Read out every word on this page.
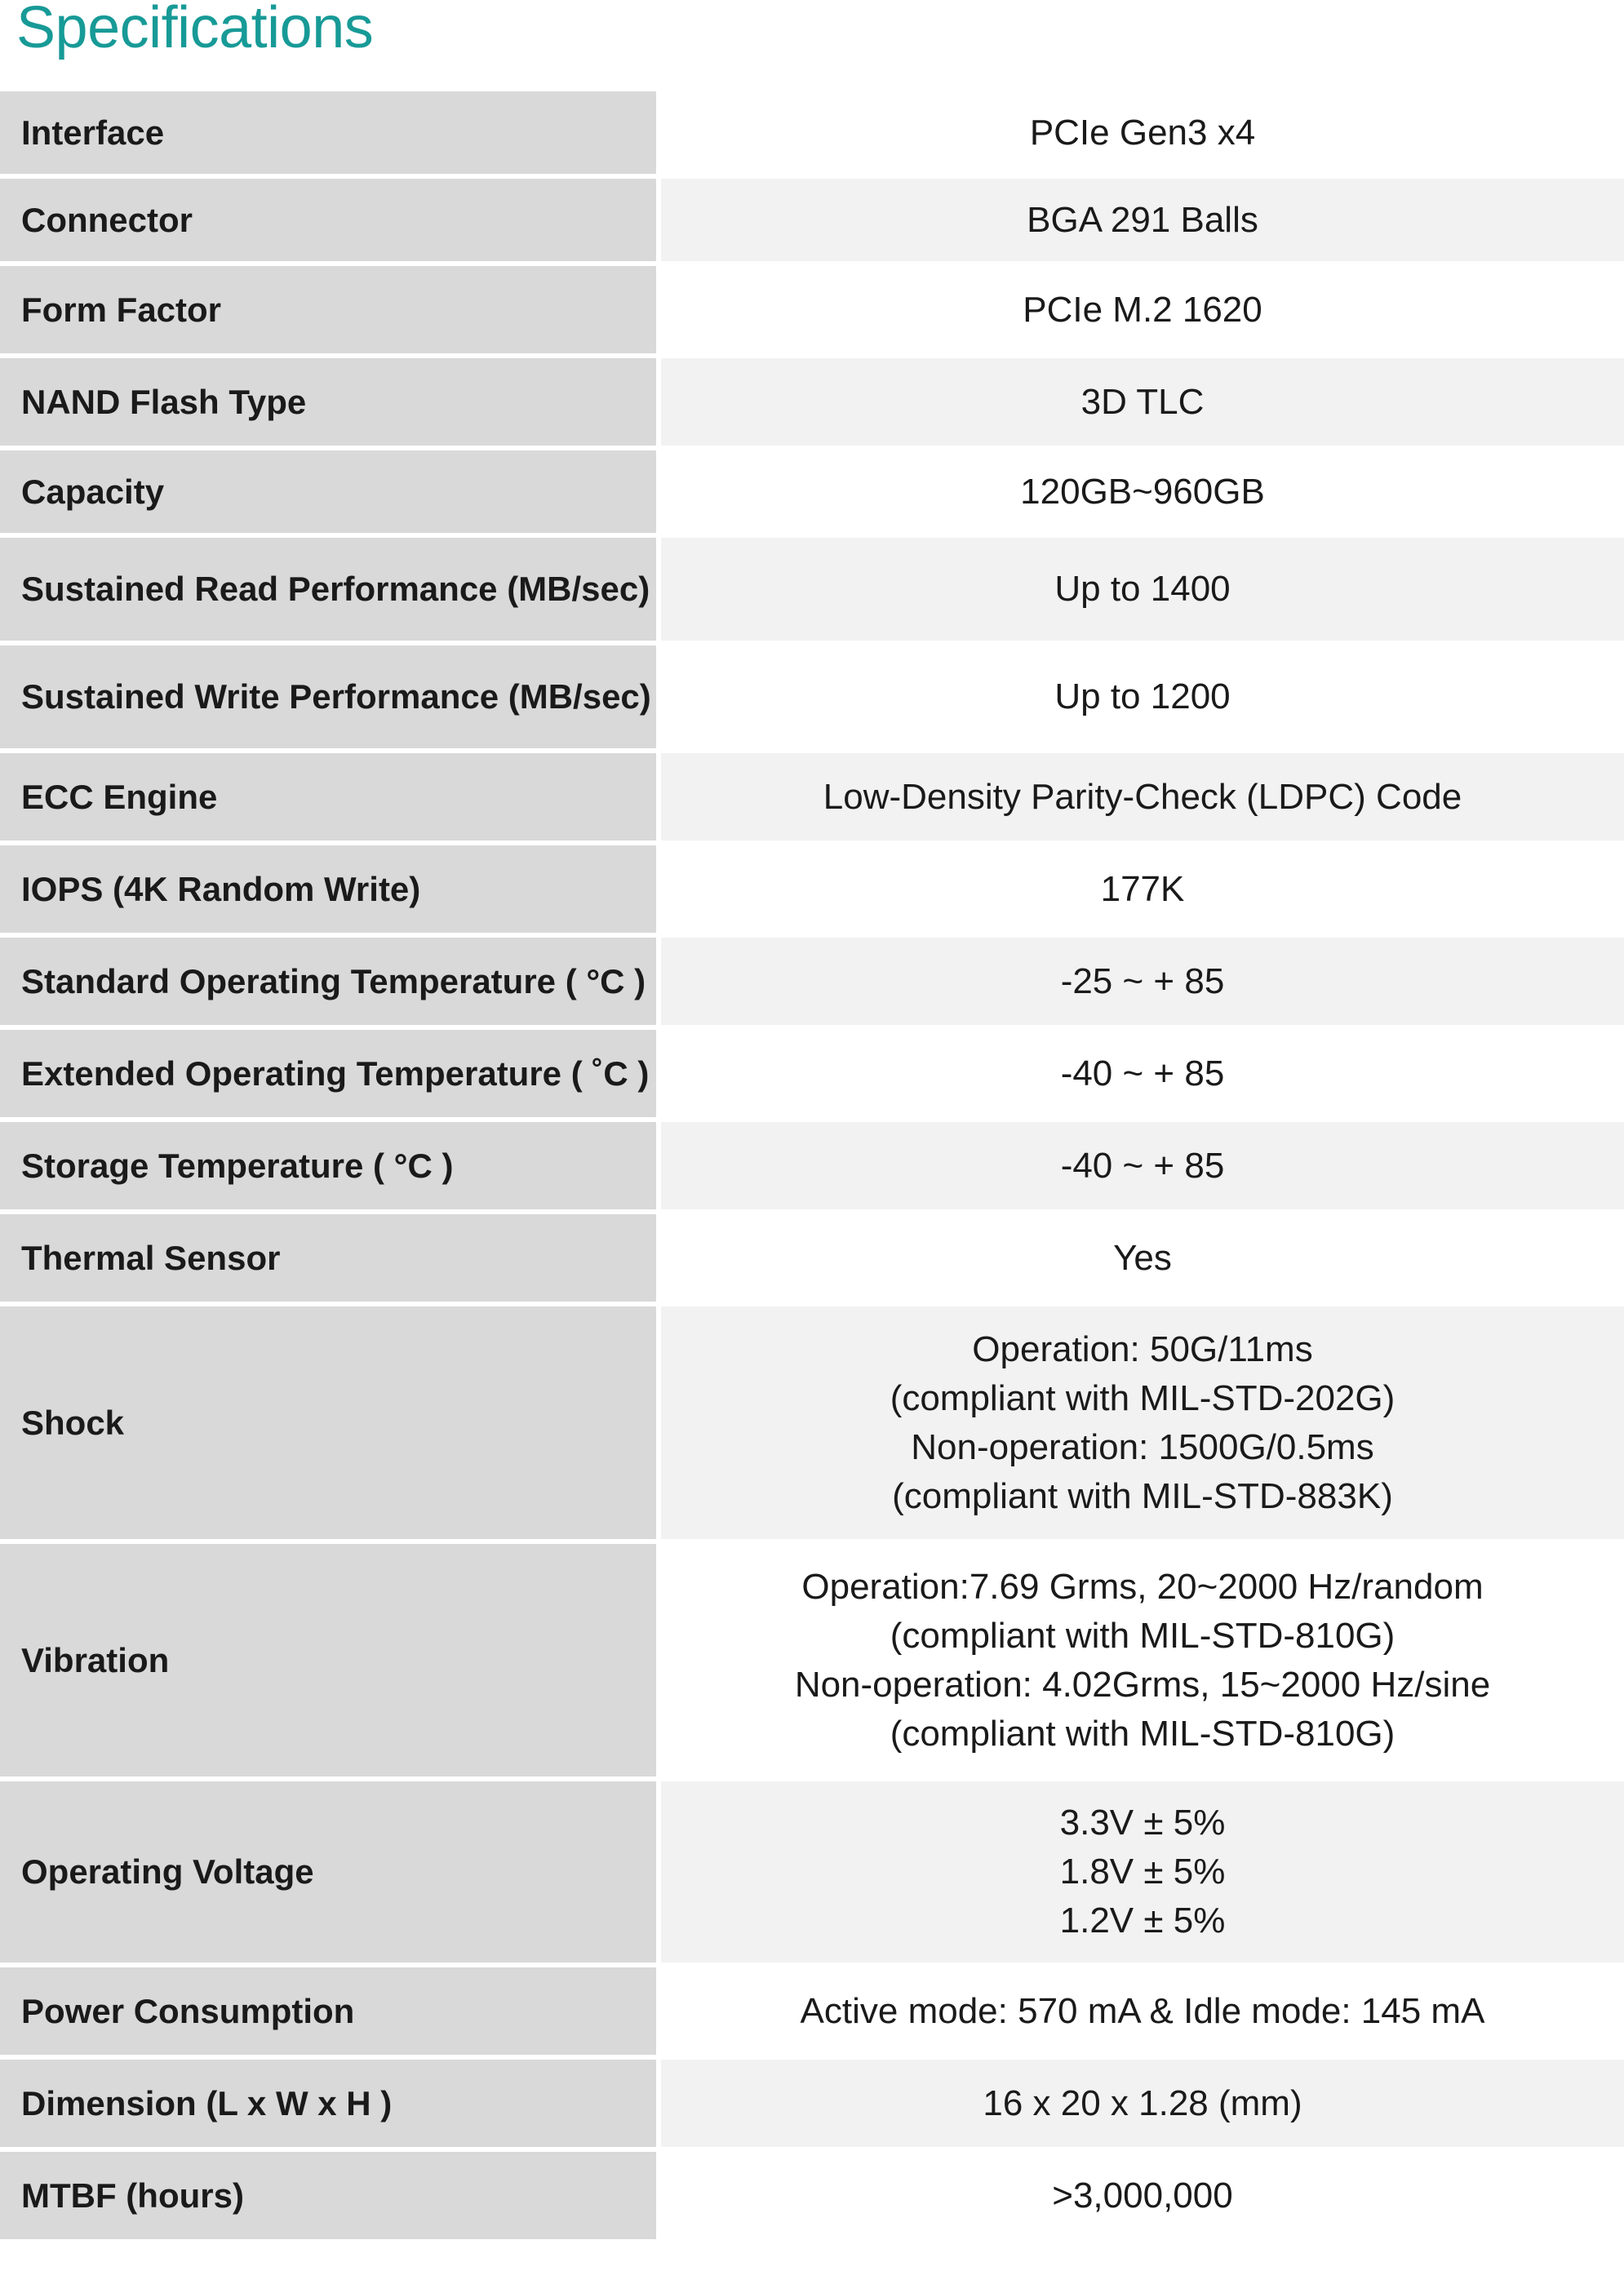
Specifications
Interface	PCIe Gen3 x4

Connector	BGA 291 Balls

Form Factor	PCIe M.2 1620

NAND Flash Type	3D TLC

Capacity	120GB~960GB

Sustained Read Performance (MB/sec)	Up to 1400

Sustained Write Performance (MB/sec)	Up to 1200

ECC Engine	Low-Density Parity-Check (LDPC) Code

IOPS (4K Random Write)	177K

Standard Operating Temperature ( °C )	-25 ~ + 85

Extended Operating Temperature ( ˚C )	-40 ~ + 85

Storage Temperature ( °C )	-40 ~ + 85

Thermal Sensor	Yes

Shock	Operation: 50G/11ms
(compliant with MIL-STD-202G)
Non-operation: 1500G/0.5ms
(compliant with MIL-STD-883K)

Vibration	Operation:7.69 Grms, 20~2000 Hz/random
(compliant with MIL-STD-810G)
Non-operation: 4.02Grms, 15~2000 Hz/sine
(compliant with MIL-STD-810G)

Operating Voltage	3.3V ± 5%
1.8V ± 5%
1.2V ± 5%

Power Consumption	Active mode: 570 mA & Idle mode: 145 mA

Dimension (L x W x H )	16 x 20 x 1.28 (mm)

MTBF (hours)	>3,000,000
